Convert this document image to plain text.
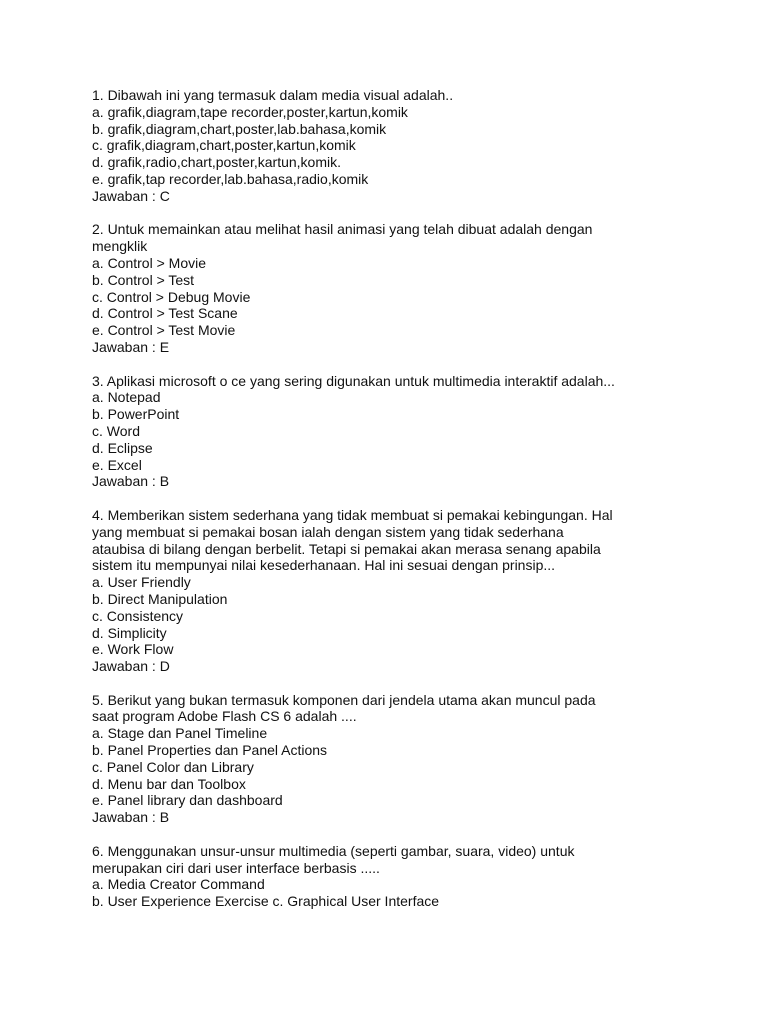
1. Dibawah ini yang termasuk dalam media visual adalah..
a. grafik,diagram,tape recorder,poster,kartun,komik
b. grafik,diagram,chart,poster,lab.bahasa,komik
c. grafik,diagram,chart,poster,kartun,komik
d. grafik,radio,chart,poster,kartun,komik.
e. grafik,tap recorder,lab.bahasa,radio,komik
Jawaban : C
2. Untuk memainkan atau melihat hasil animasi yang telah dibuat adalah dengan
mengklik
a. Control > Movie
b. Control > Test
c. Control > Debug Movie
d. Control > Test Scane
e. Control > Test Movie
Jawaban : E
3. Aplikasi microsoft o ce yang sering digunakan untuk multimedia interaktif adalah...
a. Notepad
b. PowerPoint
c. Word
d. Eclipse
e. Excel
Jawaban : B
4. Memberikan sistem sederhana yang tidak membuat si pemakai kebingungan. Hal
yang membuat si pemakai bosan ialah dengan sistem yang tidak sederhana
ataubisa di bilang dengan berbelit. Tetapi si pemakai akan merasa senang apabila
sistem itu mempunyai nilai kesederhanaan. Hal ini sesuai dengan prinsip...
a. User Friendly
b. Direct Manipulation
c. Consistency
d. Simplicity
e. Work Flow
Jawaban : D
5. Berikut yang bukan termasuk komponen dari jendela utama akan muncul pada
saat program Adobe Flash CS 6 adalah ....
a. Stage dan Panel Timeline
b. Panel Properties dan Panel Actions
c. Panel Color dan Library
d. Menu bar dan Toolbox
e. Panel library dan dashboard
Jawaban : B
6. Menggunakan unsur-unsur multimedia (seperti gambar, suara, video) untuk
merupakan ciri dari user interface berbasis .....
a. Media Creator Command
b. User Experience Exercise c. Graphical User Interface
